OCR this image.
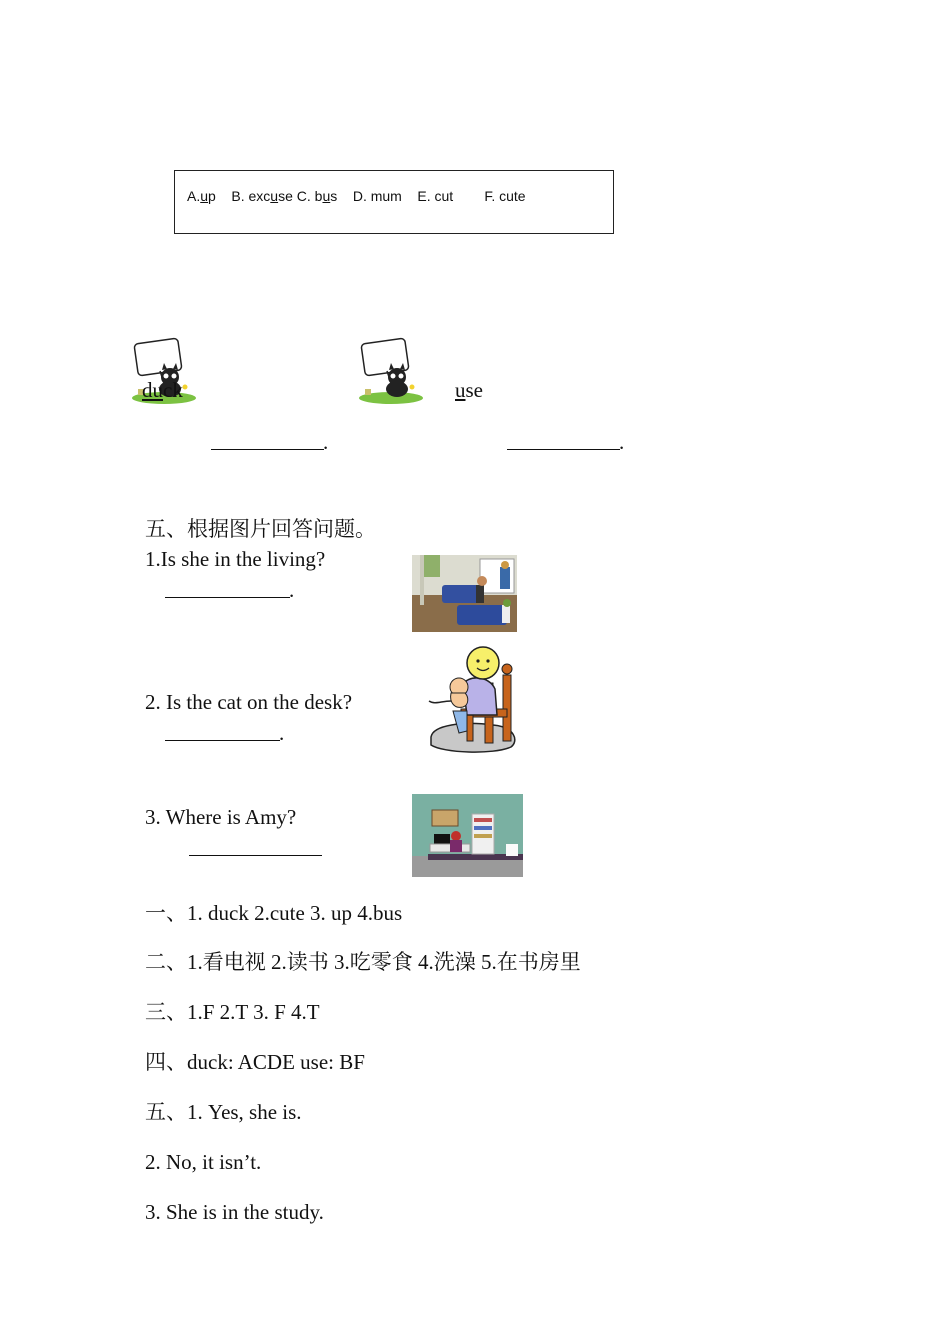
A.up B. excuse C. bus D. mum E. cut F. cute
duck	use
.	.
五、根据图片回答问题。
1.Is she in the living?
.
2. Is the cat on the desk?
.
3. Where is Amy?
一、1. duck 2.cute 3. up 4.bus
二、1.看电视 2.读书 3.吃零食 4.洗澡 5.在书房里
三、1.F 2.T 3. F 4.T
四、duck: ACDE use: BF
五、1. Yes, she is.
2. No, it isn’t.
3. She is in the study.
